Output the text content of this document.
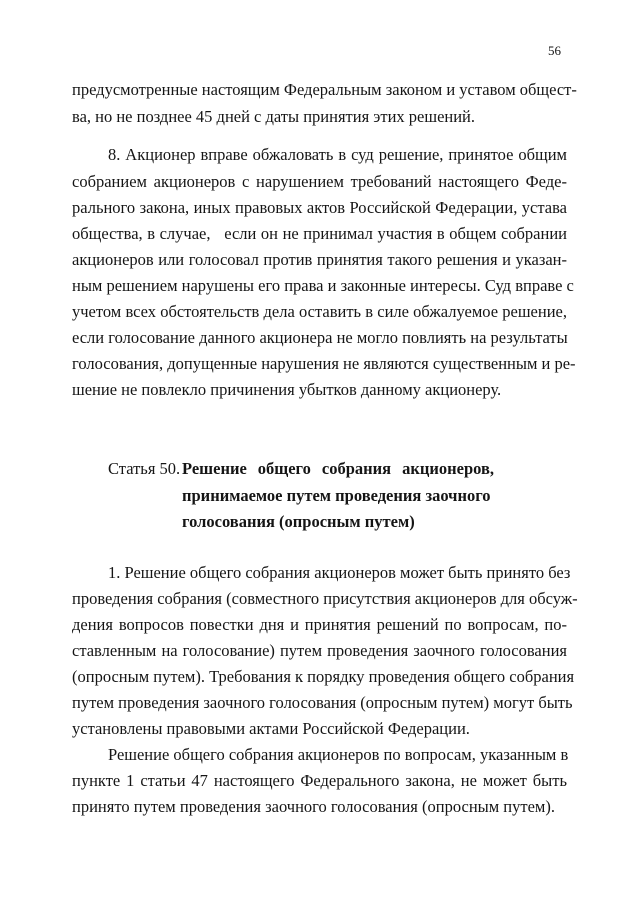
56
предусмотренные настоящим Федеральным законом и уставом общест-
ва, но не позднее 45 дней с даты принятия этих решений.
8. Акционер вправе обжаловать в суд решение, принятое общим
собранием акционеров с нарушением требований настоящего Феде-
рального закона, иных правовых актов Российской Федерации, устава
общества, в случае,   если он не принимал участия в общем собрании
акционеров или голосовал против принятия такого решения и указан-
ным решением нарушены его права и законные интересы. Суд вправе с
учетом всех обстоятельств дела оставить в силе обжалуемое решение,
если голосование данного акционера не могло повлиять на результаты
голосования, допущенные нарушения не являются существенным и ре-
шение не повлекло причинения убытков данному акционеру.
Статья 50. Решение общего собрания акционеров,
принимаемое путем проведения заочного
голосования (опросным путем)
1. Решение общего собрания акционеров может быть принято без
проведения собрания (совместного присутствия акционеров для обсуж-
дения вопросов повестки дня и принятия решений по вопросам, по-
ставленным на голосование) путем проведения заочного голосования
(опросным путем). Требования к порядку проведения общего собрания
путем проведения заочного голосования (опросным путем) могут быть
установлены правовыми актами Российской Федерации.
Решение общего собрания акционеров по вопросам, указанным в
пункте 1 статьи 47 настоящего Федерального закона, не может быть
принято путем проведения заочного голосования (опросным путем).
